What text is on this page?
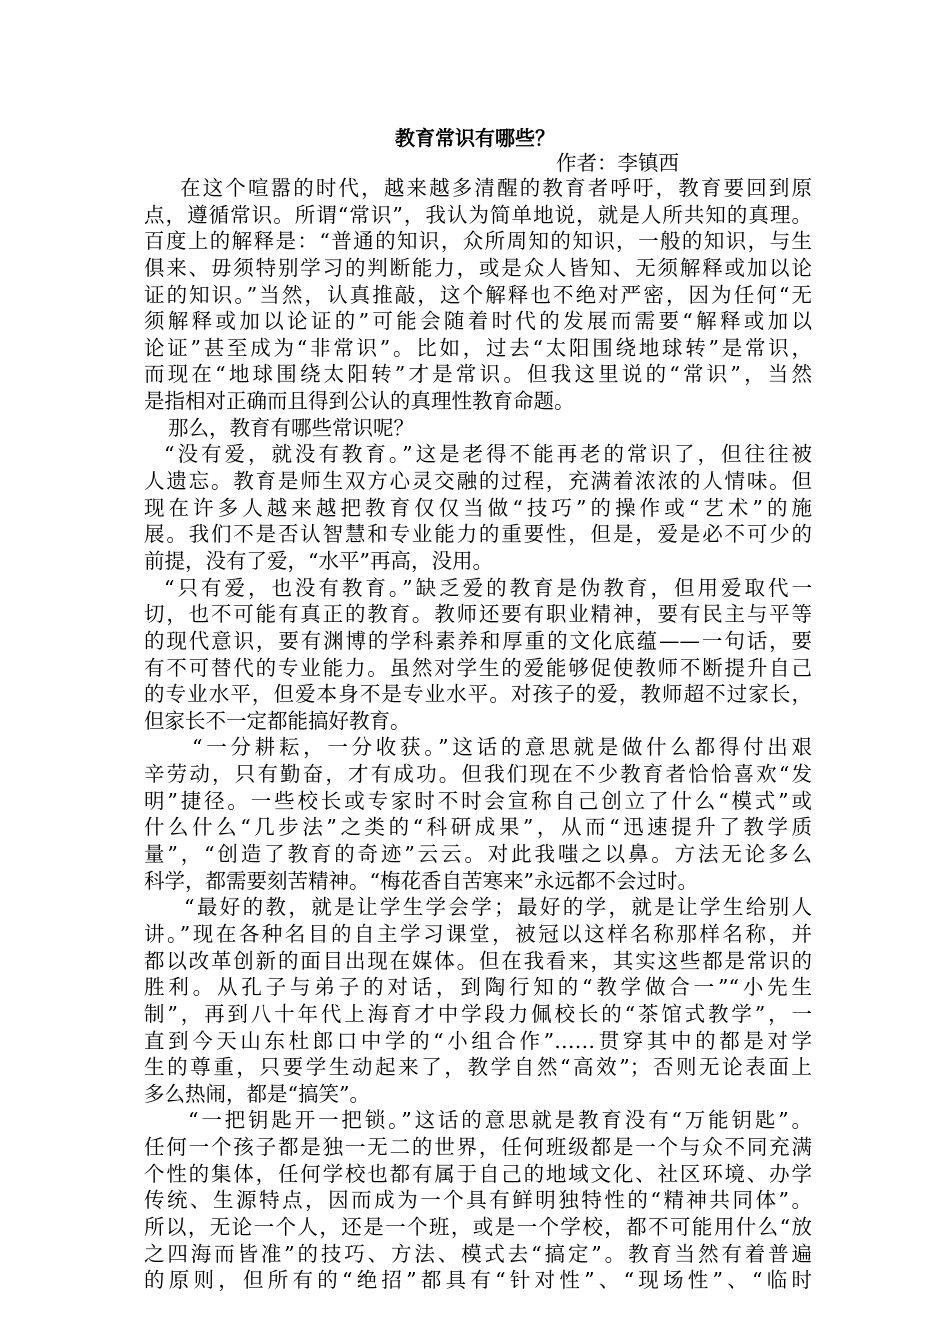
教育常识有哪些？

作者：李镇西

在这个喧嚣的时代，越来越多清醒的教育者呼吁，教育要回到原
点，遵循常识。所谓“常识”，我认为简单地说，就是人所共知的真理。
百度上的解释是：“普通的知识，众所周知的知识，一般的知识，与生
俱来、毋须特别学习的判断能力，或是众人皆知、无须解释或加以论
证的知识。”当然，认真推敲，这个解释也不绝对严密，因为任何“无
须解释或加以论证的”可能会随着时代的发展而需要“解释或加以
论证”甚至成为“非常识”。比如，过去“太阳围绕地球转”是常识，
而现在“地球围绕太阳转”才是常识。但我这里说的“常识”，当然
是指相对正确而且得到公认的真理性教育命题。
那么，教育有哪些常识呢？
“没有爱，就没有教育。”这是老得不能再老的常识了，但往往被
人遗忘。教育是师生双方心灵交融的过程，充满着浓浓的人情味。但
现在许多人越来越把教育仅仅当做“技巧”的操作或“艺术”的施
展。我们不是否认智慧和专业能力的重要性，但是，爱是必不可少的
前提，没有了爱，“水平”再高，没用。
“只有爱，也没有教育。”缺乏爱的教育是伪教育，但用爱取代一
切，也不可能有真正的教育。教师还要有职业精神，要有民主与平等
的现代意识，要有渊博的学科素养和厚重的文化底蕴——一句话，要
有不可替代的专业能力。虽然对学生的爱能够促使教师不断提升自己
的专业水平，但爱本身不是专业水平。对孩子的爱，教师超不过家长，
但家长不一定都能搞好教育。
“一分耕耘，一分收获。”这话的意思就是做什么都得付出艰
辛劳动，只有勤奋，才有成功。但我们现在不少教育者恰恰喜欢“发
明”捷径。一些校长或专家时不时会宣称自己创立了什么“模式”或
什么什么“几步法”之类的“科研成果”，从而“迅速提升了教学质
量”，“创造了教育的奇迹”云云。对此我嗤之以鼻。方法无论多么
科学，都需要刻苦精神。“梅花香自苦寒来”永远都不会过时。
“最好的教，就是让学生学会学；最好的学，就是让学生给别人
讲。”现在各种名目的自主学习课堂，被冠以这样名称那样名称，并
都以改革创新的面目出现在媒体。但在我看来，其实这些都是常识的
胜利。从孔子与弟子的对话，到陶行知的“教学做合一”“小先生
制”，再到八十年代上海育才中学段力佩校长的“茶馆式教学”，一
直到今天山东杜郎口中学的“小组合作”……贯穿其中的都是对学
生的尊重，只要学生动起来了，教学自然“高效”；否则无论表面上
多么热闹，都是“搞笑”。
“一把钥匙开一把锁。”这话的意思就是教育没有“万能钥匙”。
任何一个孩子都是独一无二的世界，任何班级都是一个与众不同充满
个性的集体，任何学校也都有属于自己的地域文化、社区环境、办学
传统、生源特点，因而成为一个具有鲜明独特性的“精神共同体”。
所以，无论一个人，还是一个班，或是一个学校，都不可能用什么“放
之四海而皆准”的技巧、方法、模式去“搞定”。教育当然有着普遍
的原则，但所有的“绝招”都具有“针对性”、“现场性”、“临时
